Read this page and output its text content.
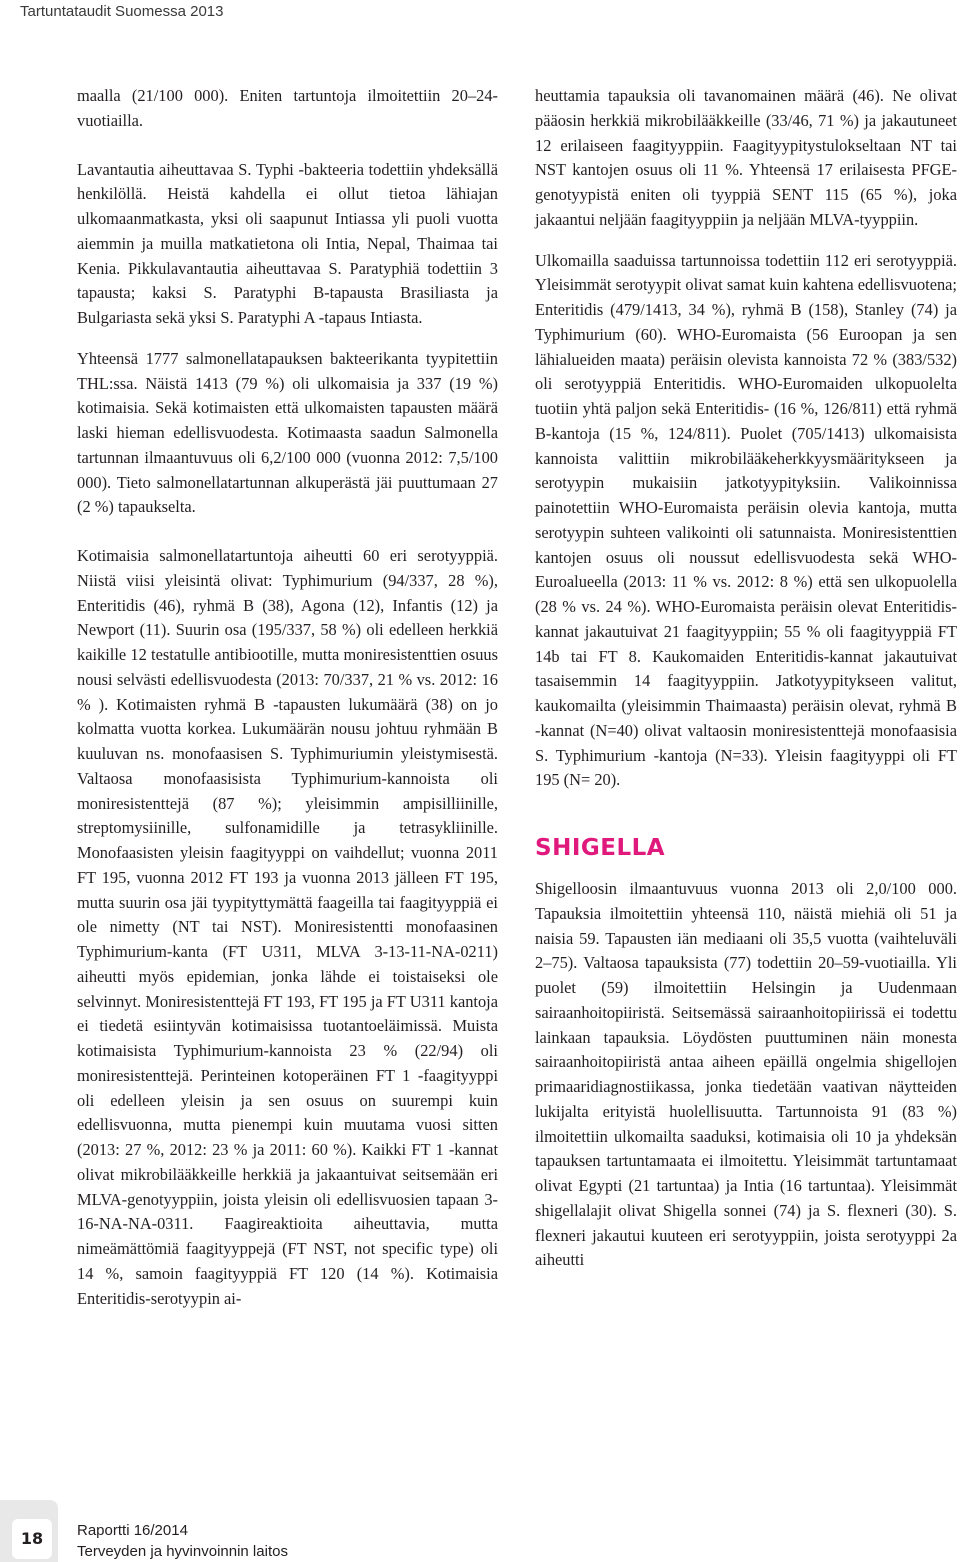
Tartuntataudit Suomessa 2013

maalla (21/100 000). Eniten tartuntoja ilmoitettiin 20–24-vuotiailla.

Lavantautia aiheuttavaa S. Typhi -bakteeria todettiin yhdeksällä henkilöllä. Heistä kahdella ei ollut tietoa lähiajan ulkomaanmatkasta, yksi oli saapunut Intiassa yli puoli vuotta aiemmin ja muilla matkatietona oli Intia, Nepal, Thaimaa tai Kenia. Pikkulavantautia aiheuttavaa S. Paratyphiä todettiin 3 tapausta; kaksi S. Paratyphi B-tapausta Brasiliasta ja Bulgariasta sekä yksi S. Paratyphi A -tapaus Intiasta.

Yhteensä 1777 salmonellatapauksen bakteerikanta tyypitettiin THL:ssa. Näistä 1413 (79 %) oli ulkomaisia ja 337 (19 %) kotimaisia. Sekä kotimaisten että ulkomaisten tapausten määrä laski hieman edellisvuodesta. Kotimaasta saadun Salmonella tartunnan ilmaantuvuus oli 6,2/100 000 (vuonna 2012: 7,5/100 000). Tieto salmonellatartunnan alkuperästä jäi puuttumaan 27 (2 %) tapaukselta.

Kotimaisia salmonellatartuntoja aiheutti 60 eri serotyyppiä. Niistä viisi yleisintä olivat: Typhimurium (94/337, 28 %), Enteritidis (46), ryhmä B (38), Agona (12), Infantis (12) ja Newport (11). Suurin osa (195/337, 58 %) oli edelleen herkkiä kaikille 12 testatulle antibiootille, mutta moniresistenttien osuus nousi selvästi edellisvuodesta (2013: 70/337, 21 % vs. 2012: 16 % ). Kotimaisten ryhmä B -tapausten lukumäärä (38) on jo kolmatta vuotta korkea. Lukumäärän nousu johtuu ryhmään B kuuluvan ns. monofaasisen S. Typhimuriumin yleistymisestä. Valtaosa monofaasisista Typhimurium-kannoista oli moniresistenttejä (87 %); yleisimmin ampisilliinille, streptomysiinille, sulfonamidille ja tetrasykliinille. Monofaasisten yleisin faagityyppi on vaihdellut; vuonna 2011 FT 195, vuonna 2012 FT 193 ja vuonna 2013 jälleen FT 195, mutta suurin osa jäi tyypityttymättä faageilla tai faagityyppiä ei ole nimetty (NT tai NST). Moniresistentti monofaasinen Typhimurium-kanta (FT U311, MLVA 3-13-11-NA-0211) aiheutti myös epidemian, jonka lähde ei toistaiseksi ole selvinnyt. Moniresistenttejä FT 193, FT 195 ja FT U311 kantoja ei tiedetä esiintyvän kotimaisissa tuotantoeläimissä. Muista kotimaisista Typhimurium-kannoista 23 % (22/94) oli moniresistenttejä. Perinteinen kotoperäinen FT 1 -faagityyppi oli edelleen yleisin ja sen osuus on suurempi kuin edellisvuonna, mutta pienempi kuin muutama vuosi sitten (2013: 27 %, 2012: 23 % ja 2011: 60 %). Kaikki FT 1 -kannat olivat mikrobilääkkeille herkkiä ja jakaantuivat seitsemään eri MLVA-genotyyppiin, joista yleisin oli edellisvuosien tapaan 3-16-NA-NA-0311. Faagireaktioita aiheuttavia, mutta nimeämättömiä faagityyppejä (FT NST, not specific type) oli 14 %, samoin faagityyppiä FT 120 (14 %). Kotimaisia Enteritidis-serotyypin ai-

heuttamia tapauksia oli tavanomainen määrä (46). Ne olivat pääosin herkkiä mikrobilääkkeille (33/46, 71 %) ja jakautuneet 12 erilaiseen faagityyppiin. Faagityypitystulokseltaan NT tai NST kantojen osuus oli 11 %. Yhteensä 17 erilaisesta PFGE-genotyypistä eniten oli tyyppiä SENT 115 (65 %), joka jakaantui neljään faagityyppiin ja neljään MLVA-tyyppiin.

Ulkomailla saaduissa tartunnoissa todettiin 112 eri serotyyppiä. Yleisimmät serotyypit olivat samat kuin kahtena edellisvuotena; Enteritidis (479/1413, 34 %), ryhmä B (158), Stanley (74) ja Typhimurium (60). WHO-Euromaista (56 Euroopan ja sen lähialueiden maata) peräisin olevista kannoista 72 % (383/532) oli serotyyppiä Enteritidis. WHO-Euromaiden ulkopuolelta tuotiin yhtä paljon sekä Enteritidis- (16 %, 126/811) että ryhmä B-kantoja (15 %, 124/811). Puolet (705/1413) ulkomaisista kannoista valittiin mikrobilääkeherkkyysmääritykseen ja serotyypin mukaisiin jatkotyypityksiin. Valikoinnissa painotettiin WHO-Euromaista peräisin olevia kantoja, mutta serotyypin suhteen valikointi oli satunnaista. Moniresistenttien kantojen osuus oli noussut edellisvuodesta sekä WHO-Euroalueella (2013: 11 % vs. 2012: 8 %) että sen ulkopuolella (28 % vs. 24 %). WHO-Euromaista peräisin olevat Enteritidis-kannat jakautuivat 21 faagityyppiin; 55 % oli faagityyppiä FT 14b tai FT 8. Kaukomaiden Enteritidis-kannat jakautuivat tasaisemmin 14 faagityyppiin. Jatkotyypitykseen valitut, kaukomailta (yleisimmin Thaimaasta) peräisin olevat, ryhmä B -kannat (N=40) olivat valtaosin moniresistenttejä monofaasisia S. Typhimurium -kantoja (N=33). Yleisin faagityyppi oli FT 195 (N= 20).

SHIGELLA

Shigelloosin ilmaantuvuus vuonna 2013 oli 2,0/100 000. Tapauksia ilmoitettiin yhteensä 110, näistä miehiä oli 51 ja naisia 59. Tapausten iän mediaani oli 35,5 vuotta (vaihteluväli 2–75). Valtaosa tapauksista (77) todettiin 20–59-vuotiailla. Yli puolet (59) ilmoitettiin Helsingin ja Uudenmaan sairaanhoitopiiristä. Seitsemässä sairaanhoitopiirissä ei todettu lainkaan tapauksia. Löydösten puuttuminen näin monesta sairaanhoitopiiristä antaa aiheen epäillä ongelmia shigellojen primaaridiagnostiikassa, jonka tiedetään vaativan näytteiden lukijalta erityistä huolellisuutta. Tartunnoista 91 (83 %) ilmoitettiin ulkomailta saaduksi, kotimaisia oli 10 ja yhdeksän tapauksen tartuntamaata ei ilmoitettu. Yleisimmät tartuntamaat olivat Egypti (21 tartuntaa) ja Intia (16 tartuntaa). Yleisimmät shigellalajit olivat Shigella sonnei (74) ja S. flexneri (30). S. flexneri jakautui kuuteen eri serotyyppiin, joista serotyyppi 2a aiheutti

18	Raportti 16/2014
Terveyden ja hyvinvoinnin laitos
